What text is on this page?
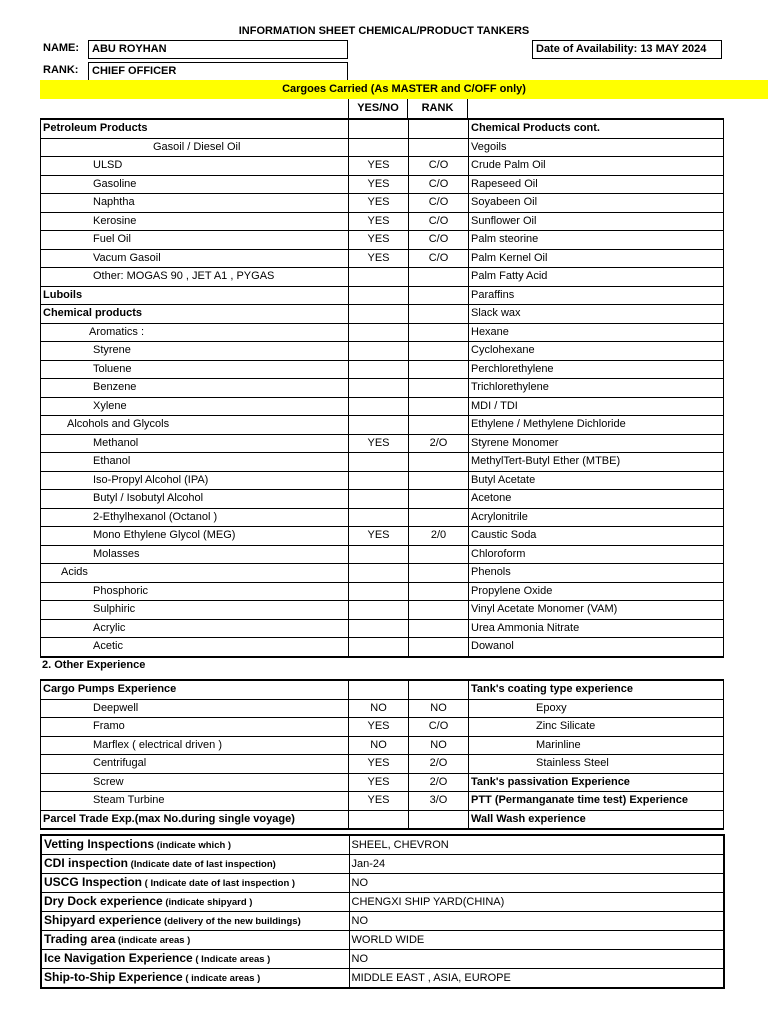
INFORMATION SHEET CHEMICAL/PRODUCT TANKERS
NAME:	ABU ROYHAN	Date of Availability: 13 MAY 2024
RANK:	CHIEF OFFICER
Cargoes Carried (As MASTER and C/OFF only)
YES/NO	RANK
Petroleum Products			Chemical Products cont.
Gasoil / Diesel Oil			Vegoils
ULSD	YES	C/O	Crude Palm Oil
Gasoline	YES	C/O	Rapeseed Oil
Naphtha	YES	C/O	Soyabeen Oil
Kerosine	YES	C/O	Sunflower Oil
Fuel Oil	YES	C/O	Palm steorine
Vacum Gasoil	YES	C/O	Palm Kernel Oil
Other: MOGAS 90 , JET A1 , PYGAS			Palm Fatty Acid
Luboils			Paraffins
Chemical products			Slack wax
Aromatics :			Hexane
Styrene			Cyclohexane
Toluene			Perchlorethylene
Benzene			Trichlorethylene
Xylene			MDI / TDI
Alcohols and Glycols			Ethylene / Methylene Dichloride
Methanol	YES	2/O	Styrene Monomer
Ethanol			MethylTert-Butyl Ether (MTBE)
Iso-Propyl Alcohol (IPA)			Butyl Acetate
Butyl / Isobutyl Alcohol			Acetone
2-Ethylhexanol (Octanol )			Acrylonitrile
Mono Ethylene Glycol (MEG)	YES	2/0	Caustic Soda
Molasses			Chloroform
Acids			Phenols
Phosphoric			Propylene Oxide
Sulphiric			Vinyl Acetate Monomer (VAM)
Acrylic			Urea Ammonia Nitrate
Acetic			Dowanol
2. Other Experience
Cargo Pumps Experience			Tank's coating type experience
Deepwell	NO	NO	Epoxy
Framo	YES	C/O	Zinc Silicate
Marflex ( electrical driven )	NO	NO	Marinline
Centrifugal	YES	2/O	Stainless Steel
Screw	YES	2/O	Tank's passivation Experience
Steam Turbine	YES	3/O	PTT (Permanganate time test) Experience
Parcel Trade Exp.(max No.during single voyage)			Wall Wash experience
Vetting Inspections (indicate which )	SHEEL, CHEVRON
CDI inspection (Indicate date of last inspection)	Jan-24
USCG Inspection ( Indicate date of last inspection )	NO
Dry Dock experience (indicate shipyard )	CHENGXI SHIP YARD(CHINA)
Shipyard experience (delivery of the new buildings)	NO
Trading area (indicate areas )	WORLD WIDE
Ice Navigation Experience ( Indicate areas )	NO
Ship-to-Ship Experience ( indicate areas )	MIDDLE EAST , ASIA, EUROPE
